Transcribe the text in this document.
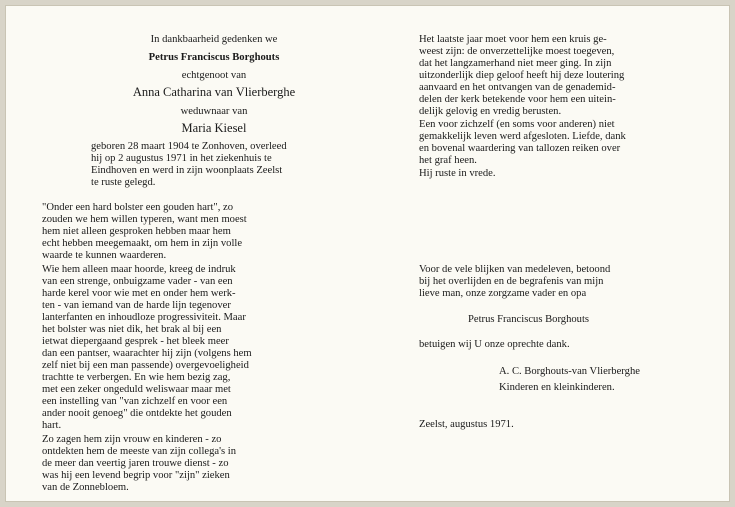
In dankbaarheid gedenken we
Petrus Franciscus Borghouts
echtgenoot van
Anna Catharina van Vlierberghe
weduwnaar van
Maria Kiesel
geboren 28 maart 1904 te Zonhoven, overleed
hij op 2 augustus 1971 in het ziekenhuis te
Eindhoven en werd in zijn woonplaats Zeelst
te ruste gelegd.
"Onder een hard bolster een gouden hart", zo
zouden we hem willen typeren, want men moest
hem niet alleen gesproken hebben maar hem
echt hebben meegemaakt, om hem in zijn volle
waarde te kunnen waarderen.
Wie hem alleen maar hoorde, kreeg de indruk
van een strenge, onbuigzame vader - van een
harde kerel voor wie met en onder hem werk-
ten - van iemand van de harde lijn tegenover
lanterfanten en inhoudloze progressiviteit. Maar
het bolster was niet dik, het brak al bij een
ietwat diepergaand gesprek - het bleek meer
dan een pantser, waarachter hij zijn (volgens hem
zelf niet bij een man passende) overgevoeligheid
trachtte te verbergen. En wie hem bezig zag,
met een zeker ongeduld weliswaar maar met
een instelling van "van zichzelf en voor een
ander nooit genoeg" die ontdekte het gouden
hart.
Zo zagen hem zijn vrouw en kinderen - zo
ontdekten hem de meeste van zijn collega's in
de meer dan veertig jaren trouwe dienst - zo
was hij een levend begrip voor "zijn" zieken
van de Zonnebloem.
Het laatste jaar moet voor hem een kruis ge-
weest zijn: de onverzettelijke moest toegeven,
dat het langzamerhand niet meer ging. In zijn
uitzonderlijk diep geloof heeft hij deze loutering
aanvaard en het ontvangen van de genademid-
delen der kerk betekende voor hem een uitein-
delijk gelovig en vredig berusten.
Een voor zichzelf (en soms voor anderen) niet
gemakkelijk leven werd afgesloten. Liefde, dank
en bovenal waardering van tallozen reiken over
het graf heen.
Hij ruste in vrede.
Voor de vele blijken van medeleven, betoond
bij het overlijden en de begrafenis van mijn
lieve man, onze zorgzame vader en opa
Petrus Franciscus Borghouts
betuigen wij U onze oprechte dank.
A. C. Borghouts-van Vlierberghe
Kinderen en kleinkinderen.
Zeelst, augustus 1971.
